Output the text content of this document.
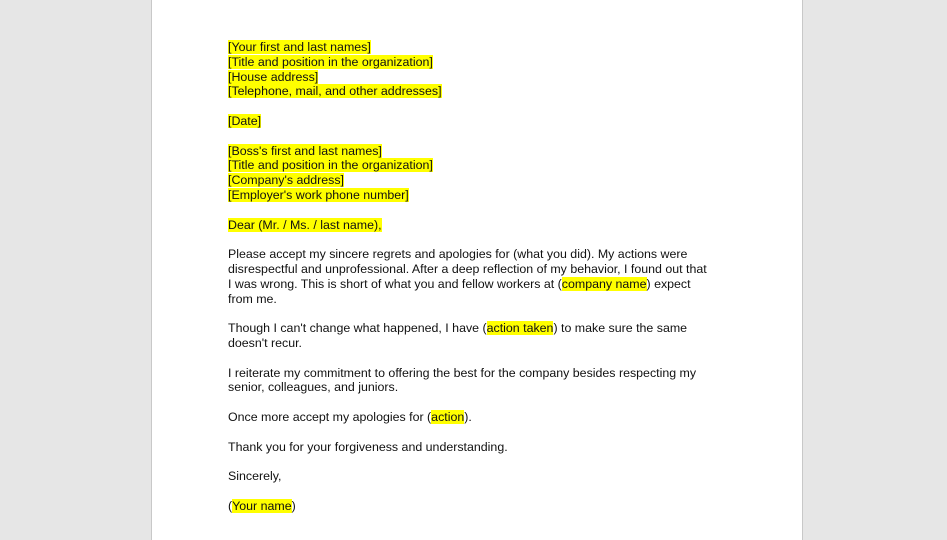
[Your first and last names]
[Title and position in the organization]
[House address]
[Telephone, mail, and other addresses]
[Date]
[Boss's first and last names]
[Title and position in the organization]
[Company's address]
[Employer's work phone number]
Dear (Mr. / Ms. / last name),
Please accept my sincere regrets and apologies for (what you did). My actions were
disrespectful and unprofessional. After a deep reflection of my behavior, I found out that
I was wrong. This is short of what you and fellow workers at (company name) expect
from me.
Though I can't change what happened, I have (action taken) to make sure the same
doesn't recur.
I reiterate my commitment to offering the best for the company besides respecting my
senior, colleagues, and juniors.
Once more accept my apologies for (action).
Thank you for your forgiveness and understanding.
Sincerely,
(Your name)
